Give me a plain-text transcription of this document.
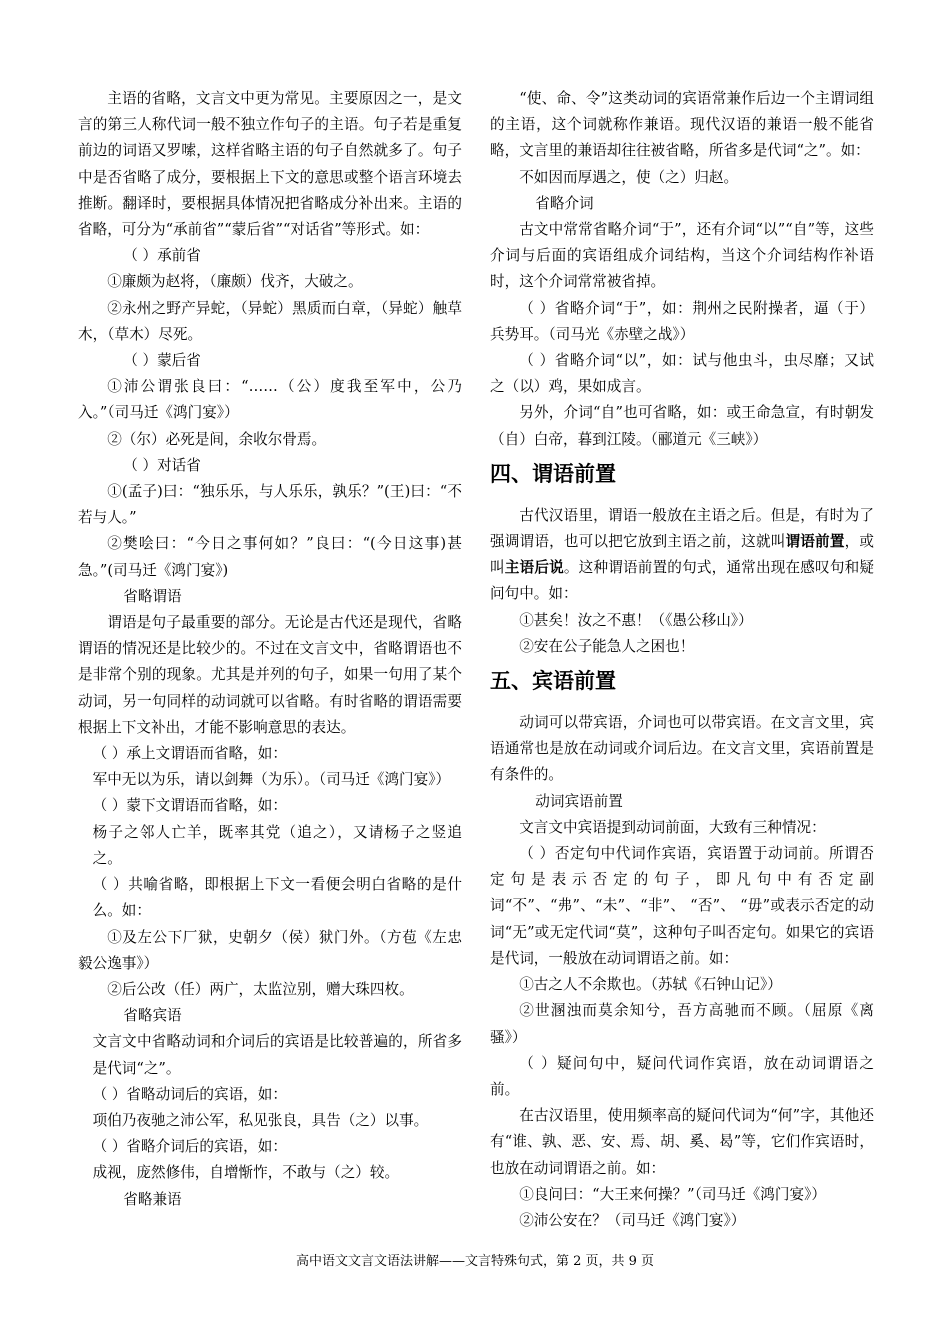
主语的省略，文言文中更为常见。主要原因之一，是文言的第三人称代词一般不独立作句子的主语。句子若是重复前边的词语又罗嗦，这样省略主语的句子自然就多了。句子中是否省略了成分，要根据上下文的意思或整个语言环境去推断。翻译时，要根据具体情况把省略成分补出来。主语的省略，可分为“承前省”“蒙后省”“对话省”等形式。如：

（ ）承前省

①廉颇为赵将，（廉颇）伐齐，大破之。

②永州之野产异蛇，（异蛇）黑质而白章，（异蛇）触草木，（草木）尽死。

（ ）蒙后省

①沛公谓张良曰：“……（公）度我至军中，公乃入。”（司马迁《鸿门宴》）

②（尔）必死是间，余收尔骨焉。

（ ）对话省

①(孟子)曰：“独乐乐，与人乐乐，孰乐？”(王)曰：“不若与人。”

②樊哙曰：“今日之事何如？”良曰：“(今日这事)甚急。”(司马迁《鸿门宴》)

省略谓语

谓语是句子最重要的部分。无论是古代还是现代，省略谓语的情况还是比较少的。不过在文言文中，省略谓语也不是非常个别的现象。尤其是并列的句子，如果一句用了某个动词，另一句同样的动词就可以省略。有时省略的谓语需要根据上下文补出，才能不影响意思的表达。

（ ）承上文谓语而省略，如：

军中无以为乐，请以剑舞（为乐）。（司马迁《鸿门宴》）

（ ）蒙下文谓语而省略，如：

杨子之邻人亡羊，既率其党（追之），又请杨子之竖追之。

（ ）共喻省略，即根据上下文一看便会明白省略的是什么。如：

①及左公下厂狱，史朝夕（侯）狱门外。（方苞《左忠毅公逸事》）

②后公改（任）两广，太监泣别，赠大珠四枚。

省略宾语

文言文中省略动词和介词后的宾语是比较普遍的，所省多是代词“之”。

（ ）省略动词后的宾语，如：

项伯乃夜驰之沛公军，私见张良，具告（之）以事。

（ ）省略介词后的宾语，如：

成视，庞然修伟，自增惭怍，不敢与（之）较。

省略兼语

“使、命、令”这类动词的宾语常兼作后边一个主谓词组的主语，这个词就称作兼语。现代汉语的兼语一般不能省略，文言里的兼语却往往被省略，所省多是代词“之”。如：

不如因而厚遇之，使（之）归赵。

省略介词

古文中常常省略介词“于”，还有介词“以”“自”等，这些介词与后面的宾语组成介词结构，当这个介词结构作补语时，这个介词常常被省掉。

（ ）省略介词“于”，如：荆州之民附操者，逼（于）兵势耳。（司马光《赤壁之战》）

（ ）省略介词“以”，如：试与他虫斗，虫尽靡；又试之（以）鸡，果如成言。

另外，介词“自”也可省略，如：或王命急宣，有时朝发（自）白帝，暮到江陵。（郦道元《三峡》）

四、谓语前置

古代汉语里，谓语一般放在主语之后。但是，有时为了强调谓语，也可以把它放到主语之前，这就叫谓语前置，或叫主语后说。这种谓语前置的句式，通常出现在感叹句和疑问句中。如：

①甚矣！汝之不惠！（《愚公移山》）

②安在公子能急人之困也！

五、宾语前置

动词可以带宾语，介词也可以带宾语。在文言文里，宾语通常也是放在动词或介词后边。在文言文里，宾语前置是有条件的。

动词宾语前置

文言文中宾语提到动词前面，大致有三种情况：

（ ）否定句中代词作宾语，宾语置于动词前。所谓否定句是表示否定的句子，即凡句中有否定副词“不”、“弗”、“未”、“非”、 “否”、 “毋”或表示否定的动词“无”或无定代词“莫”，这种句子叫否定句。如果它的宾语是代词，一般放在动词谓语之前。如：

①古之人不余欺也。（苏轼《石钟山记》）

②世溷浊而莫余知兮，吾方高驰而不顾。（屈原《离骚》）

（ ）疑问句中，疑问代词作宾语，放在动词谓语之前。

在古汉语里，使用频率高的疑问代词为“何”字，其他还有“谁、孰、恶、安、焉、胡、奚、曷”等，它们作宾语时，也放在动词谓语之前。如：

①良问曰：“大王来何操？”（司马迁《鸿门宴》）

②沛公安在？（司马迁《鸿门宴》）

高中语文文言文语法讲解——文言特殊句式，第 2 页，共 9 页
